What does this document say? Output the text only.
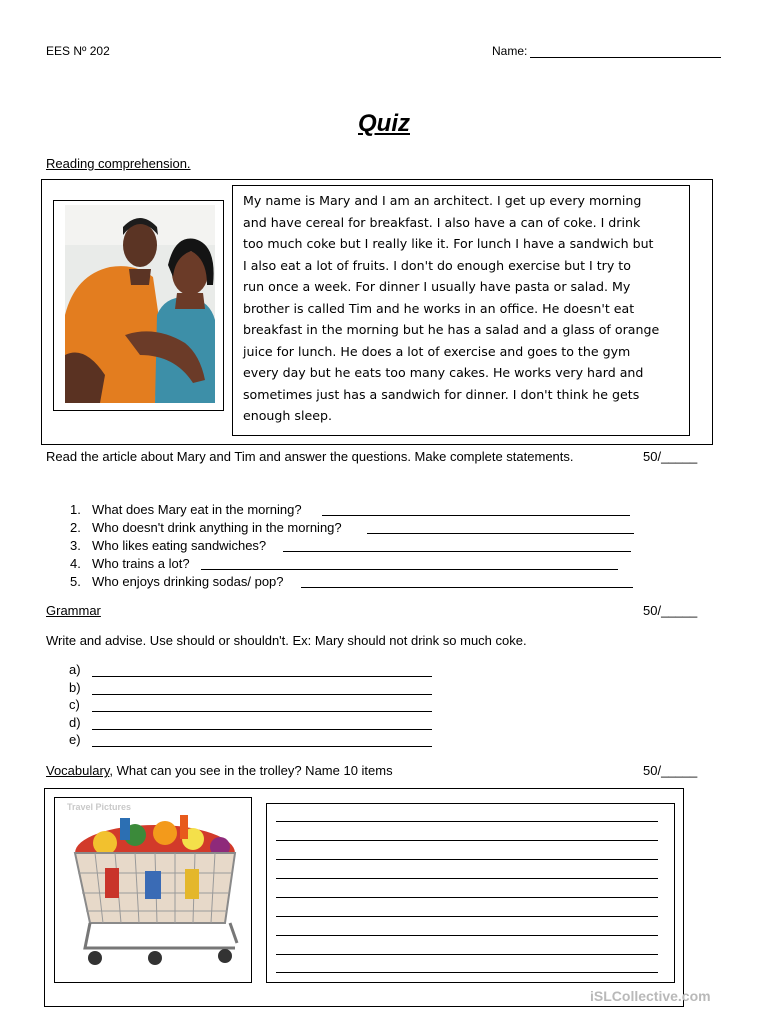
EES Nº 202	Name:
Quiz
Reading comprehension.
My name is Mary and I am an architect. I get up every morning
and have cereal for breakfast. I also have a can of coke. I drink
too much coke but I really like it. For lunch I have a sandwich but
I also eat a lot of fruits. I don't do enough exercise but I try to
run once a week. For dinner I usually have pasta or salad. My
brother is called Tim and he works in an office. He doesn't eat
breakfast in the morning but he has a salad and a glass of orange
juice for lunch. He does a lot of exercise and goes to the gym
every day but he eats too many cakes. He works very hard and
sometimes just has a sandwich for dinner. I don't think he gets
enough sleep.
Read the article about Mary and Tim and answer the questions. Make complete statements.	50/_____
1. What does Mary eat in the morning?
2. Who doesn't drink anything in the morning?
3. Who likes eating sandwiches?
4. Who trains a lot?
5. Who enjoys drinking sodas/ pop?
Grammar	50/_____
Write and advise. Use should or shouldn't. Ex: Mary should not drink so much coke.
a)
b)
c)
d)
e)
Vocabulary, What can you see in the trolley? Name 10 items	50/_____
Travel Pictures
iSLCollective.com
